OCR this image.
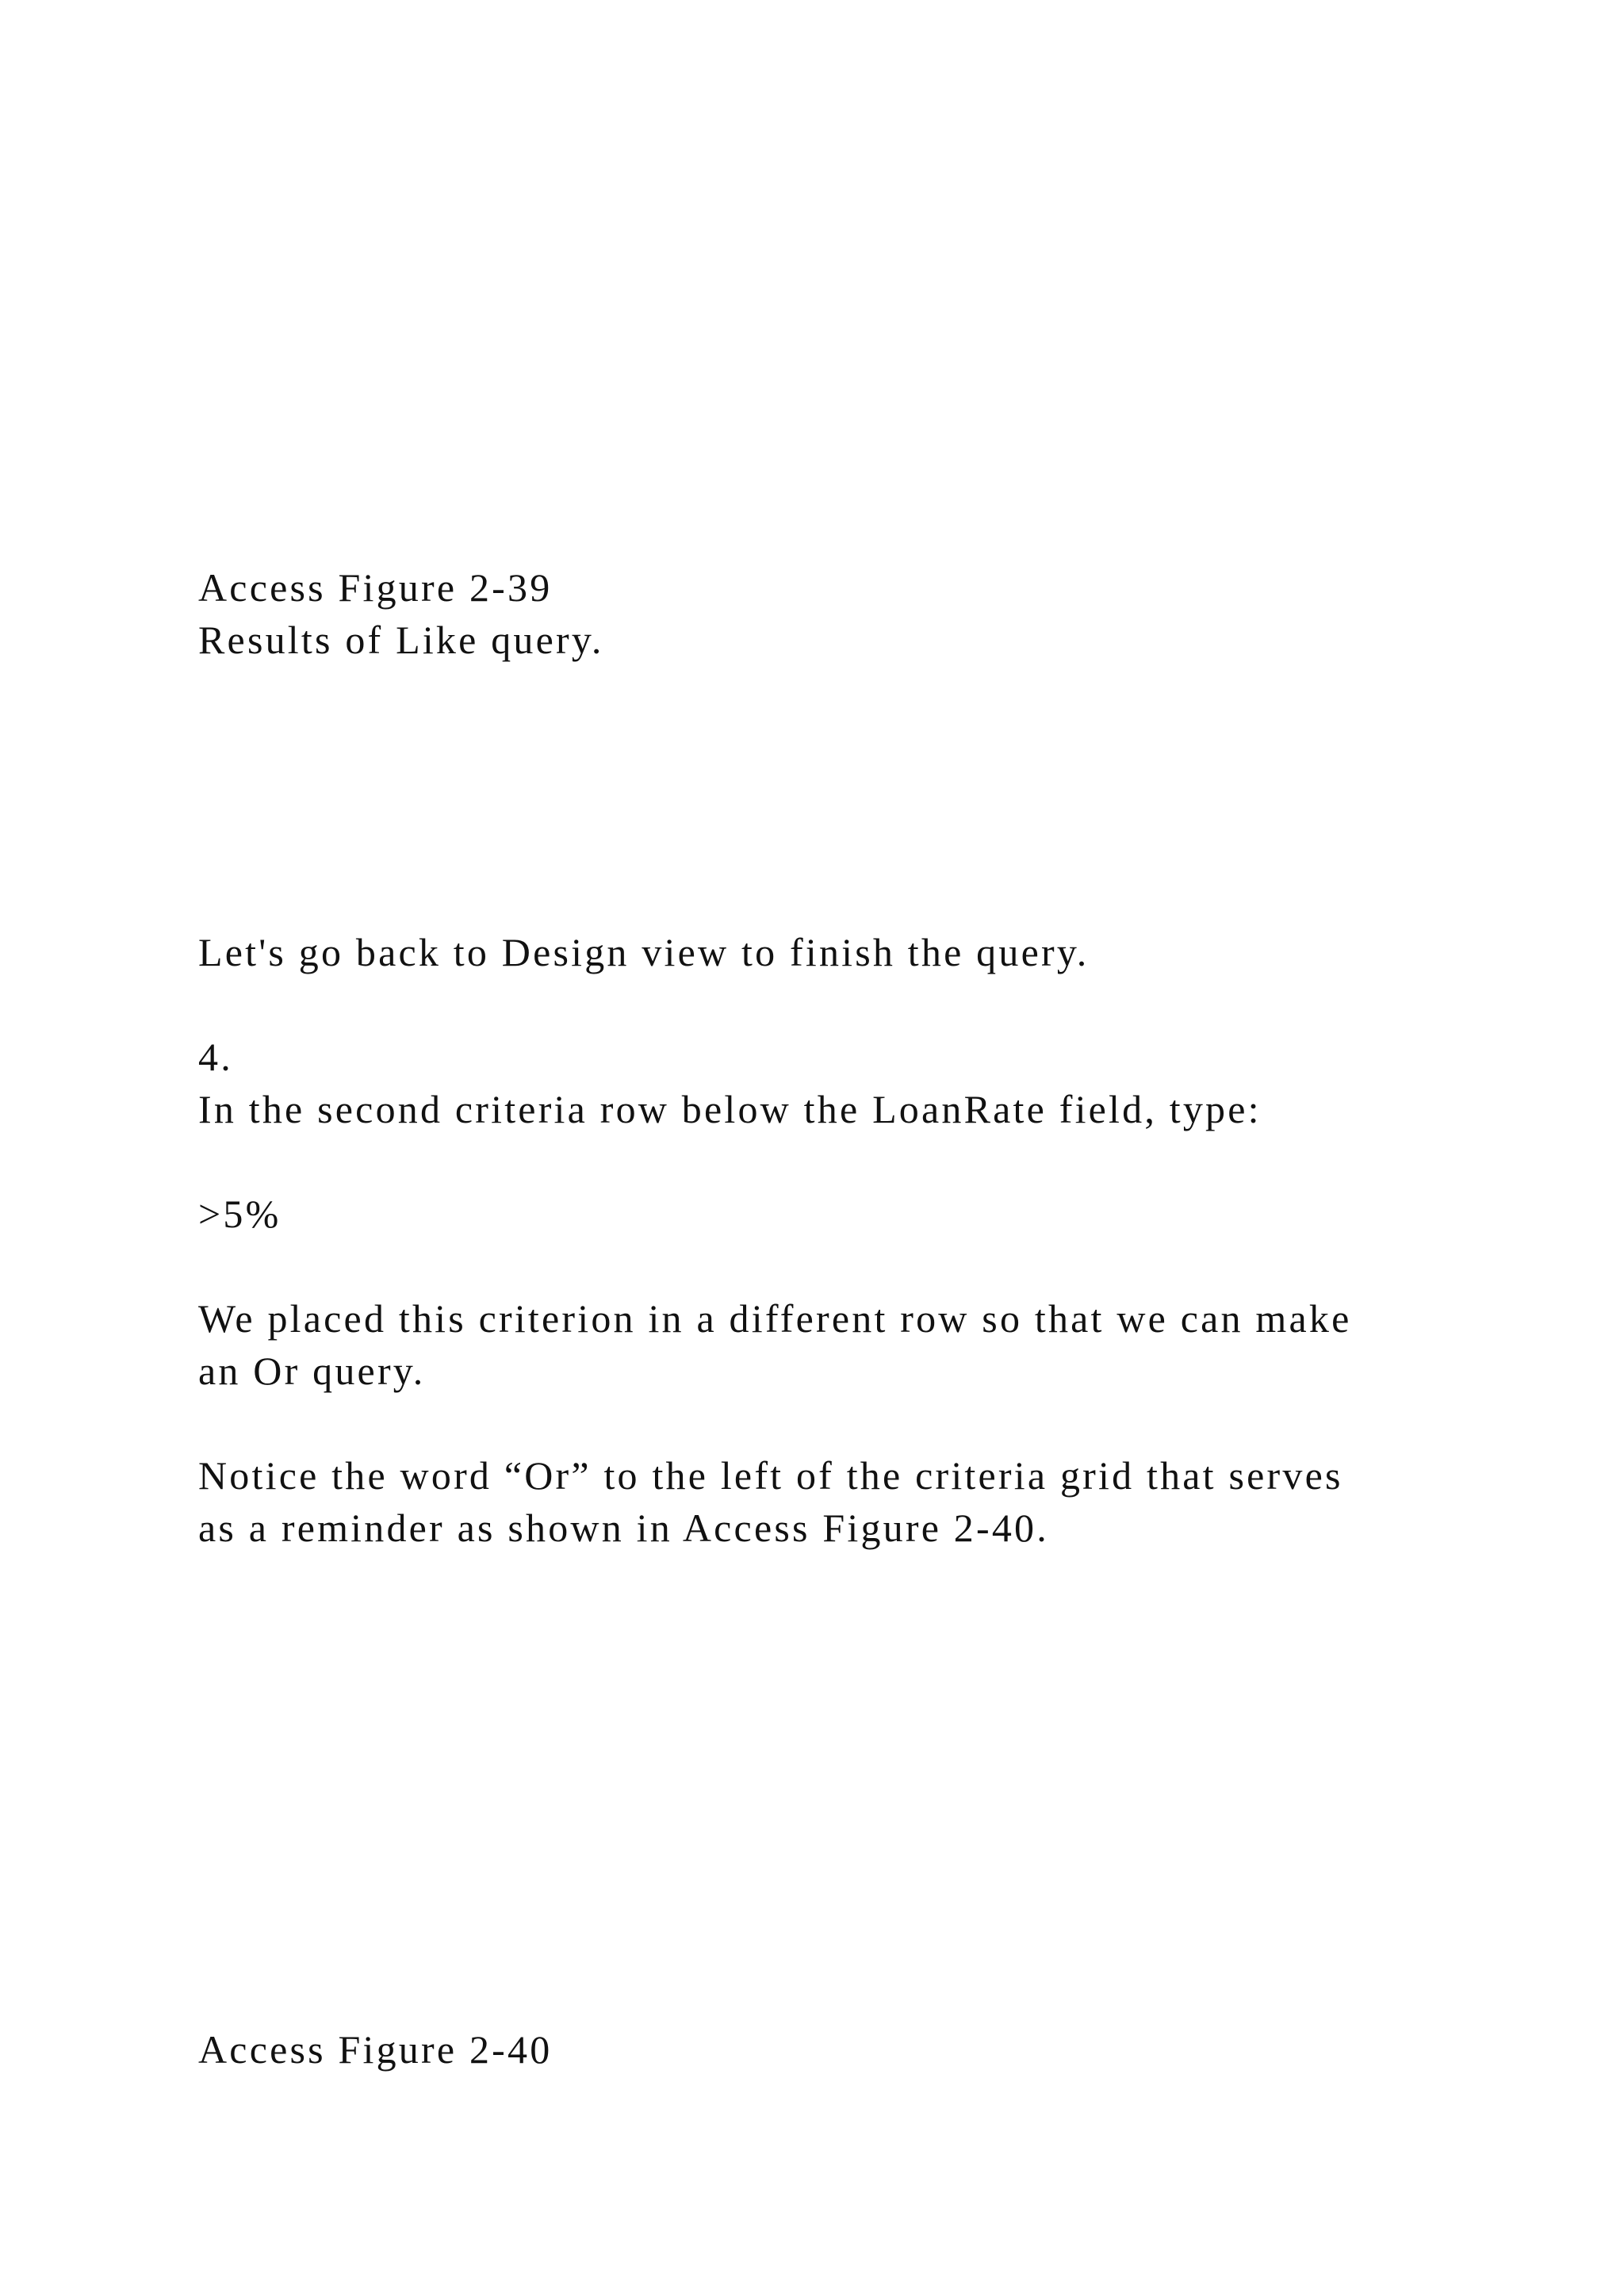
Access Figure 2-39

Results of Like query.

Let's go back to Design view to finish the query.

4.

In the second criteria row below the LoanRate field, type:

>5%

We placed this criterion in a different row so that we can make

an Or query.

Notice the word “Or” to the left of the criteria grid that serves

as a reminder as shown in Access Figure 2-40.

Access Figure 2-40
